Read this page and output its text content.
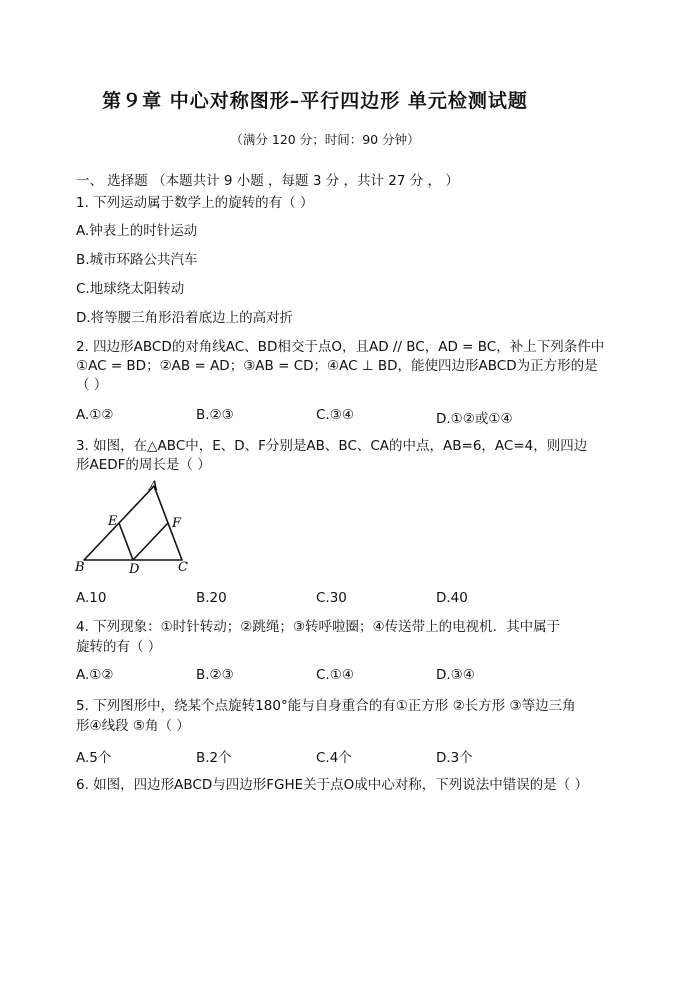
第９章 中心对称图形–平行四边形 单元检测试题
（满分 120 分；时间：90 分钟）
一、 选择题 （本题共计 9 小题 ，每题 3 分 ，共计 27 分 ， ）
1. 下列运动属于数学上的旋转的有（ ）
A.钟表上的时针运动
B.城市环路公共汽车
C.地球绕太阳转动
D.将等腰三角形沿着底边上的高对折
2. 四边形ABCD的对角线AC、BD相交于点O，且AD // BC，AD = BC，补上下列条件中
①AC = BD；②AB = AD；③AB = CD；④AC ⊥ BD，能使四边形ABCD为正方形的是
（ ）
A.①②	B.②③	C.③④	D.①②或①④
3. 如图，在△ABC中，E、D、F分别是AB、BC、CA的中点，AB=6，AC=4，则四边
形AEDF的周长是（ ）
A
B	C
D
E	F
A.10	B.20	C.30	D.40
4. 下列现象：①时针转动；②跳绳；③转呼啦圈；④传送带上的电视机．其中属于
旋转的有（ ）
A.①②	B.②③	C.①④	D.③④
5. 下列图形中，绕某个点旋转180°能与自身重合的有①正方形 ②长方形 ③等边三角
形④线段 ⑤角（ ）
A.5个	B.2个	C.4个	D.3个
6. 如图，四边形ABCD与四边形FGHE关于点O成中心对称，下列说法中错误的是（ ）
